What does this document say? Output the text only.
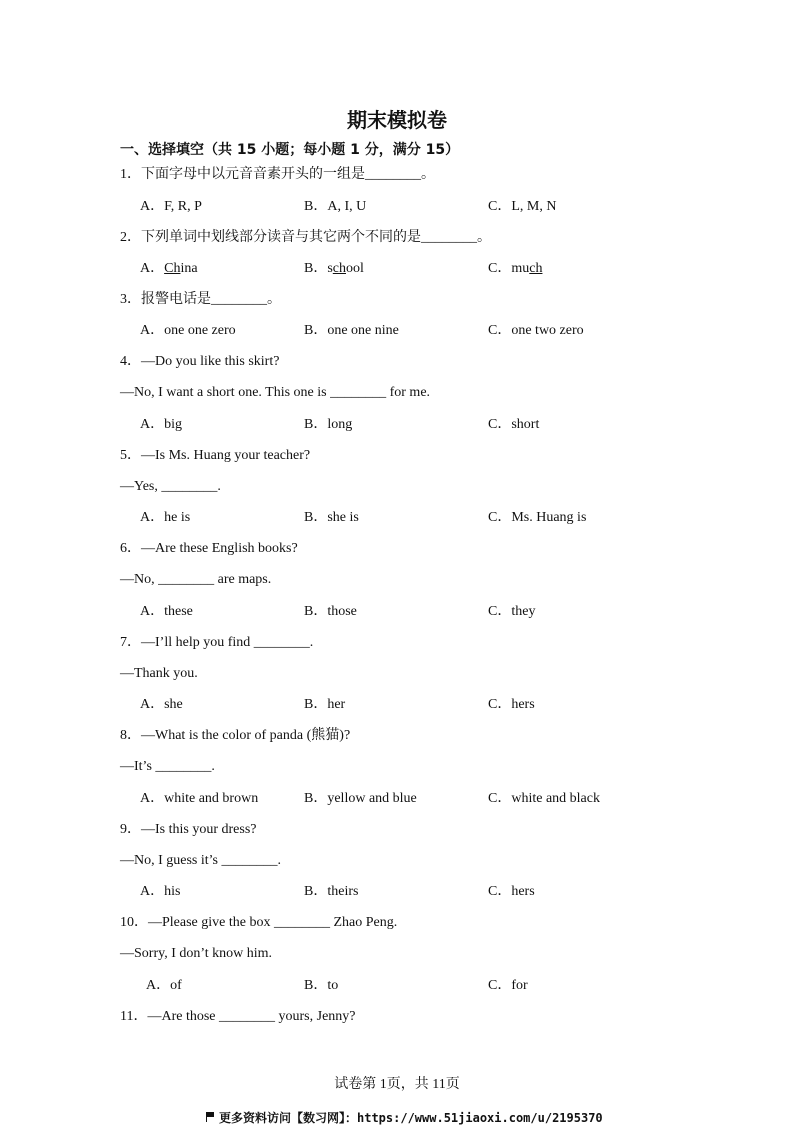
期末模拟卷
一、选择填空（共 15 小题；每小题 1 分，满分 15）
1．下面字母中以元音音素开头的一组是________。
A．F, R, P	B．A, I, U	C．L, M, N
2．下列单词中划线部分读音与其它两个不同的是________。
A．China	B．school	C．much
3．报警电话是________。
A．one one zero	B．one one nine	C．one two zero
4．—Do you like this skirt?
—No, I want a short one. This one is ________ for me.
A．big	B．long	C．short
5．—Is Ms. Huang your teacher?
—Yes, ________.
A．he is	B．she is	C．Ms. Huang is
6．—Are these English books?
—No, ________ are maps.
A．these	B．those	C．they
7．—I’ll help you find ________.
—Thank you.
A．she	B．her	C．hers
8．—What is the color of panda (熊猫)?
—It’s ________.
A．white and brown	B．yellow and blue	C．white and black
9．—Is this your dress?
—No, I guess it’s ________.
A．his	B．theirs	C．hers
10．—Please give the box ________ Zhao Peng.
—Sorry, I don’t know him.
A．of	B．to	C．for
11．—Are those ________ yours, Jenny?
试卷第 1页，共 11页
更多资料访问【数习网】：https://www.51jiaoxi.com/u/2195370
